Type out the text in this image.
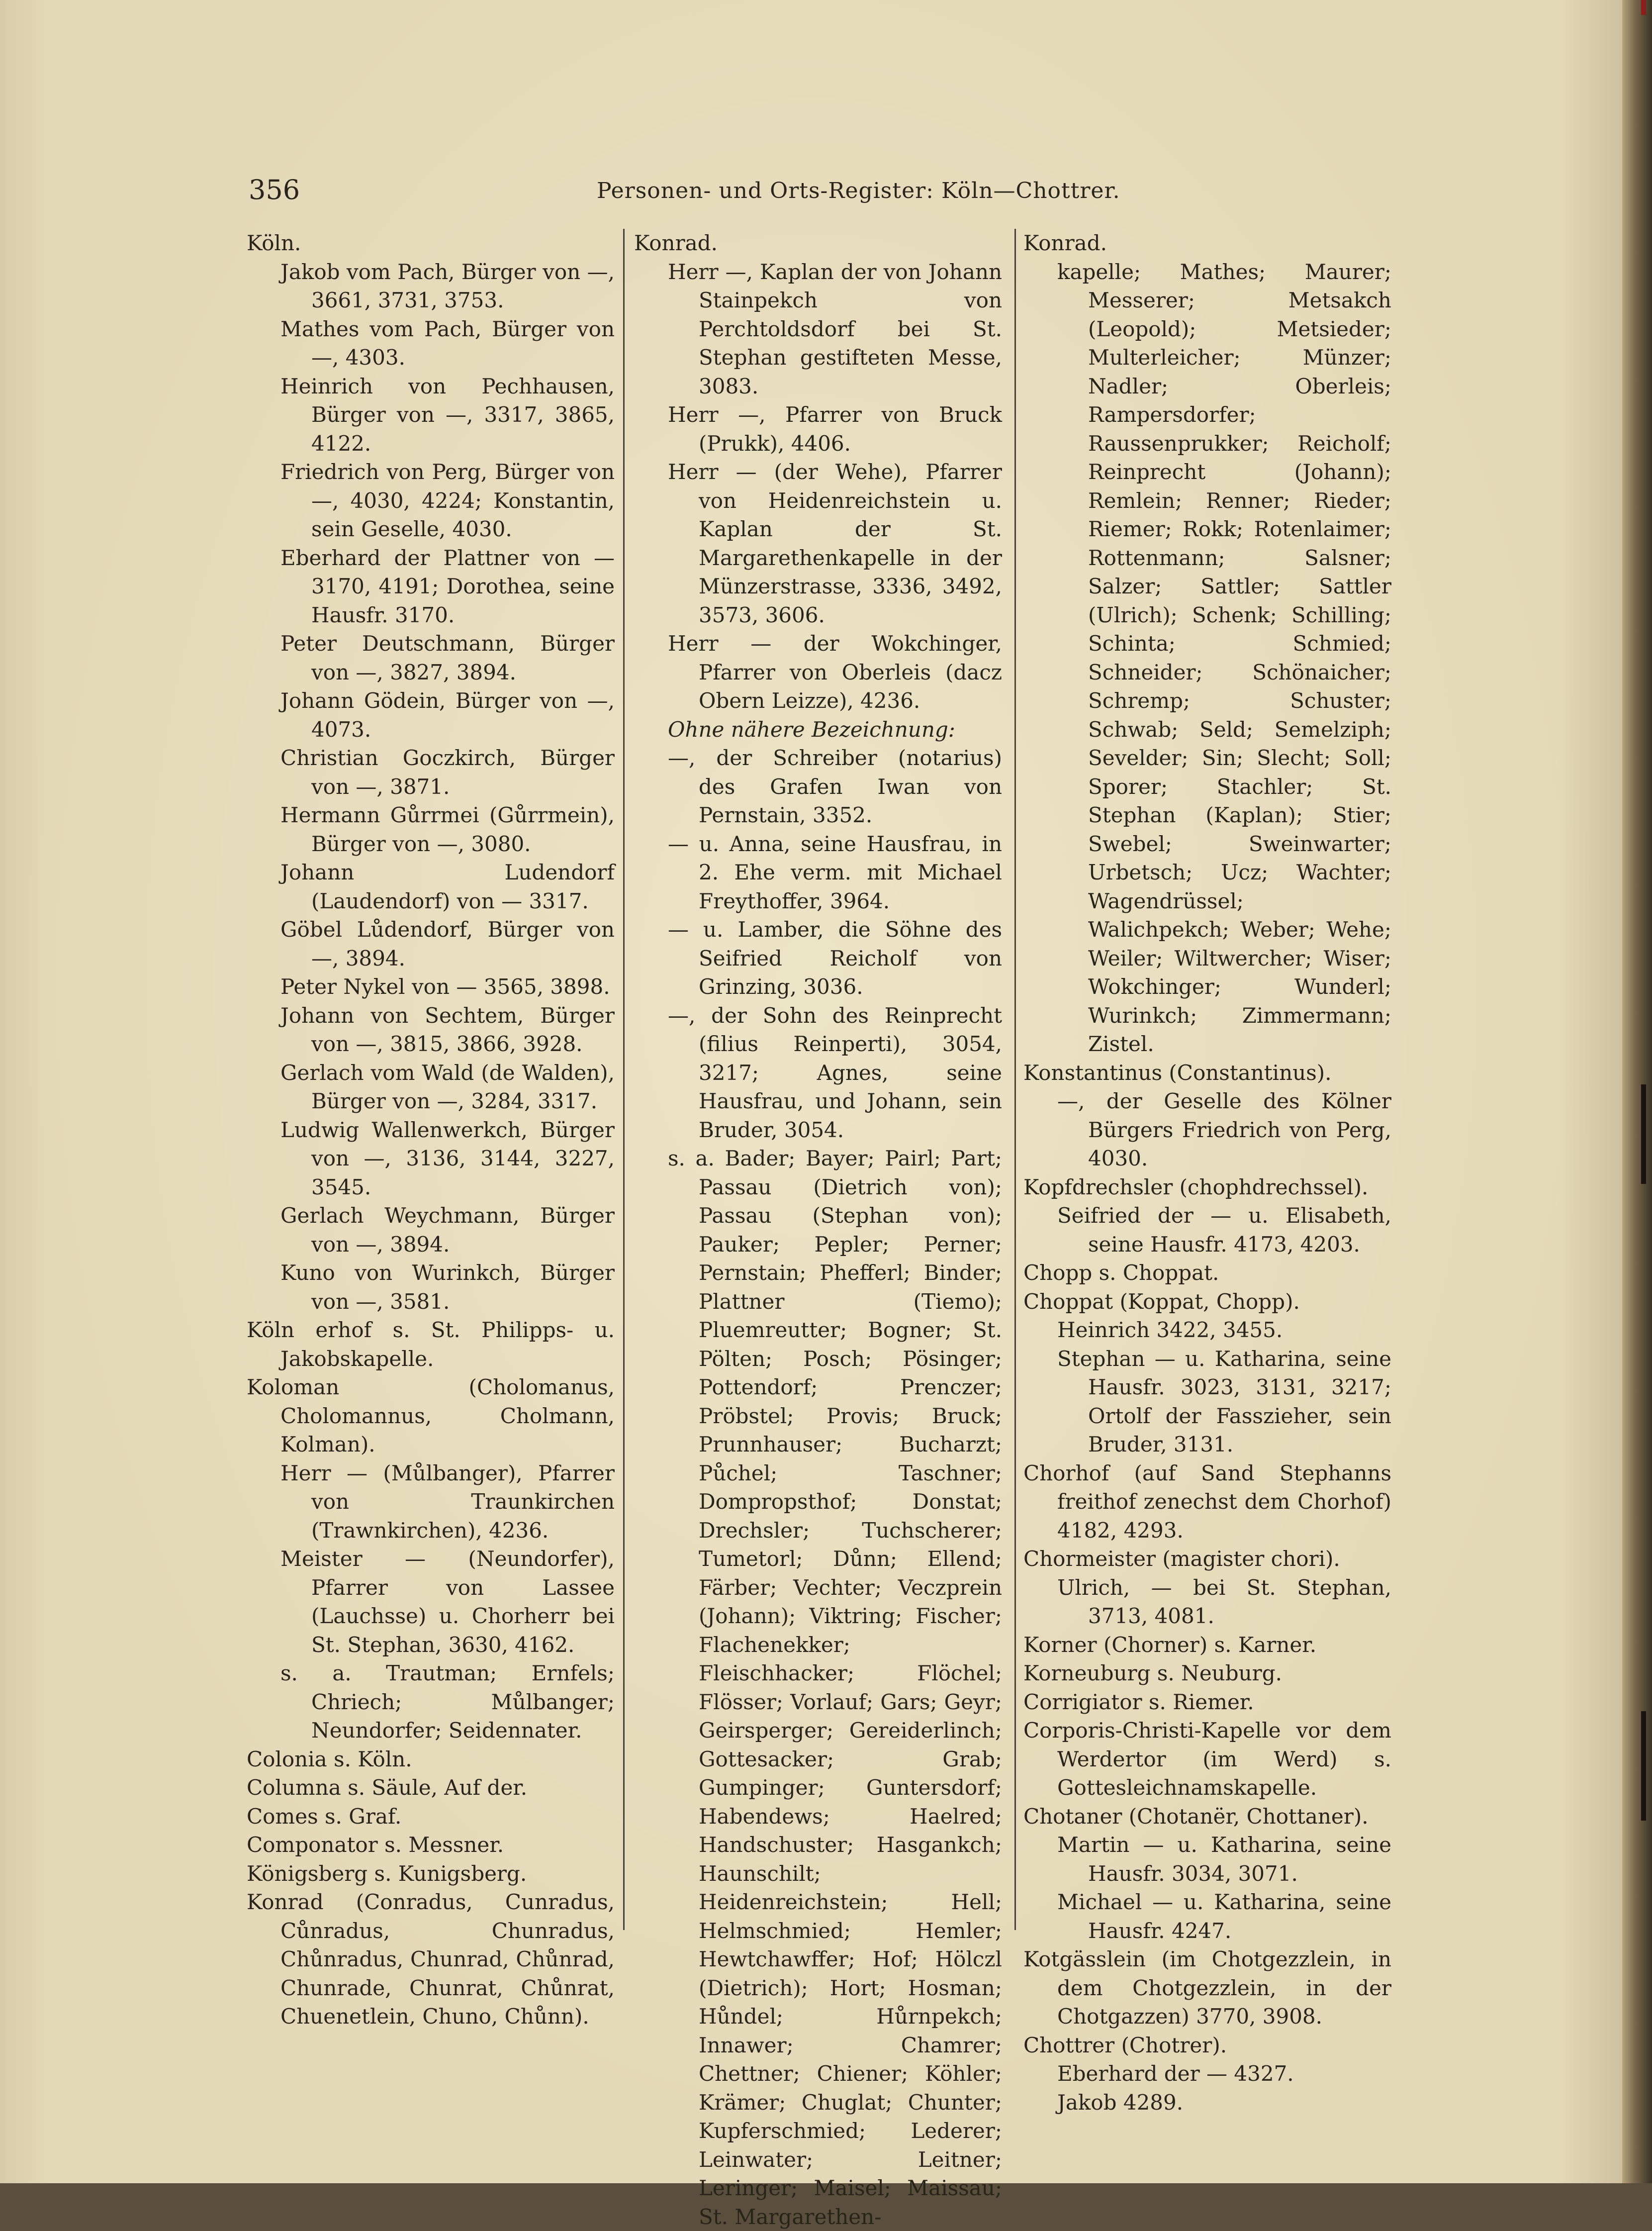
356	Personen- und Orts-Register: Köln—Chottrer.

Köln.

Jakob vom Pach, Bürger von —, 3661, 3731, 3753.

Mathes vom Pach, Bürger von —, 4303.

Heinrich von Pechhausen, Bürger von —, 3317, 3865, 4122.

Friedrich von Perg, Bürger von —, 4030, 4224; Konstantin, sein Geselle, 4030.

Eberhard der Plattner von — 3170, 4191; Dorothea, seine Hausfr. 3170.

Peter Deutschmann, Bürger von —, 3827, 3894.

Johann Gödein, Bürger von —, 4073.

Christian Goczkirch, Bürger von —, 3871.

Hermann Gůrrmei (Gůrrmein), Bürger von —, 3080.

Johann Ludendorf (Laudendorf) von — 3317.

Göbel Lůdendorf, Bürger von —, 3894.

Peter Nykel von — 3565, 3898.

Johann von Sechtem, Bürger von —, 3815, 3866, 3928.

Gerlach vom Wald (de Walden), Bürger von —, 3284, 3317.

Ludwig Wallenwerkch, Bürger von —, 3136, 3144, 3227, 3545.

Gerlach Weychmann, Bürger von —, 3894.

Kuno von Wurinkch, Bürger von —, 3581.

Köln erhof s. St. Philipps- u. Jakobskapelle.

Koloman (Cholomanus, Cholomannus, Cholmann, Kolman).

Herr — (Můlbanger), Pfarrer von Traunkirchen (Trawnkirchen), 4236.

Meister — (Neundorfer), Pfarrer von Lassee (Lauchsse) u. Chorherr bei St. Stephan, 3630, 4162.

s. a. Trautman; Ernfels; Chriech; Můlbanger; Neundorfer; Seidennater.

Colonia s. Köln.

Columna s. Säule, Auf der.

Comes s. Graf.

Componator s. Messner.

Königsberg s. Kunigsberg.

Konrad (Conradus, Cunradus, Cůnradus, Chunradus, Chůnradus, Chunrad, Chůnrad, Chunrade, Chunrat, Chůnrat, Chuenetlein, Chuno, Chůnn).

Konrad.

Herr —, Kaplan der von Johann Stainpekch von Perchtoldsdorf bei St. Stephan gestifteten Messe, 3083.

Herr —, Pfarrer von Bruck (Prukk), 4406.

Herr — (der Wehe), Pfarrer von Heidenreichstein u. Kaplan der St. Margarethenkapelle in der Münzerstrasse, 3336, 3492, 3573, 3606.

Herr — der Wokchinger, Pfarrer von Oberleis (dacz Obern Leizze), 4236.

Ohne nähere Bezeichnung:

—, der Schreiber (notarius) des Grafen Iwan von Pernstain, 3352.

— u. Anna, seine Hausfrau, in 2. Ehe verm. mit Michael Freythoffer, 3964.

— u. Lamber, die Söhne des Seifried Reicholf von Grinzing, 3036.

—, der Sohn des Reinprecht (filius Reinperti), 3054, 3217; Agnes, seine Hausfrau, und Johann, sein Bruder, 3054.

s. a. Bader; Bayer; Pairl; Part; Passau (Dietrich von); Passau (Stephan von); Pauker; Pepler; Perner; Pernstain; Phefferl; Binder; Plattner (Tiemo); Pluemreutter; Bogner; St. Pölten; Posch; Pösinger; Pottendorf; Prenczer; Pröbstel; Provis; Bruck; Prunnhauser; Bucharzt; Půchel; Taschner; Dompropsthof; Donstat; Drechsler; Tuchscherer; Tumetorl; Důnn; Ellend; Färber; Vechter; Veczprein (Johann); Viktring; Fischer; Flachenekker; Fleischhacker; Flöchel; Flösser; Vorlauf; Gars; Geyr; Geirsperger; Gereiderlinch; Gottesacker; Grab; Gumpinger; Guntersdorf; Habendews; Haelred; Handschuster; Hasgankch; Haunschilt; Heidenreichstein; Hell; Helmschmied; Hemler; Hewtchawffer; Hof; Hölczl (Dietrich); Hort; Hosman; Hůndel; Hůrnpekch; Innawer; Chamrer; Chettner; Chiener; Köhler; Krämer; Chuglat; Chunter; Kupferschmied; Lederer; Leinwater; Leitner; Leringer; Maisel; Maissau; St. Margarethen-

Konrad.

kapelle; Mathes; Maurer; Messerer; Metsakch (Leopold); Metsieder; Multerleicher; Münzer; Nadler; Oberleis; Rampersdorfer; Raussenprukker; Reicholf; Reinprecht (Johann); Remlein; Renner; Rieder; Riemer; Rokk; Rotenlaimer; Rottenmann; Salsner; Salzer; Sattler; Sattler (Ulrich); Schenk; Schilling; Schinta; Schmied; Schneider; Schönaicher; Schremp; Schuster; Schwab; Seld; Semelziph; Sevelder; Sin; Slecht; Soll; Sporer; Stachler; St. Stephan (Kaplan); Stier; Swebel; Sweinwarter; Urbetsch; Ucz; Wachter; Wagendrüssel; Walichpekch; Weber; Wehe; Weiler; Wiltwercher; Wiser; Wokchinger; Wunderl; Wurinkch; Zimmermann; Zistel.

Konstantinus (Constantinus).

—, der Geselle des Kölner Bürgers Friedrich von Perg, 4030.

Kopfdrechsler (chophdrechssel).

Seifried der — u. Elisabeth, seine Hausfr. 4173, 4203.

Chopp s. Choppat.

Choppat (Koppat, Chopp).

Heinrich 3422, 3455.

Stephan — u. Katharina, seine Hausfr. 3023, 3131, 3217; Ortolf der Fasszieher, sein Bruder, 3131.

Chorhof (auf Sand Stephanns freithof zenechst dem Chorhof) 4182, 4293.

Chormeister (magister chori).

Ulrich, — bei St. Stephan, 3713, 4081.

Korner (Chorner) s. Karner.

Korneuburg s. Neuburg.

Corrigiator s. Riemer.

Corporis-Christi-Kapelle vor dem Werdertor (im Werd) s. Gottesleichnamskapelle.

Chotaner (Chotanër, Chottaner).

Martin — u. Katharina, seine Hausfr. 3034, 3071.

Michael — u. Katharina, seine Hausfr. 4247.

Kotgässlein (im Chotgezzlein, in dem Chotgezzlein, in der Chotgazzen) 3770, 3908.

Chottrer (Chotrer).

Eberhard der — 4327.

Jakob 4289.
